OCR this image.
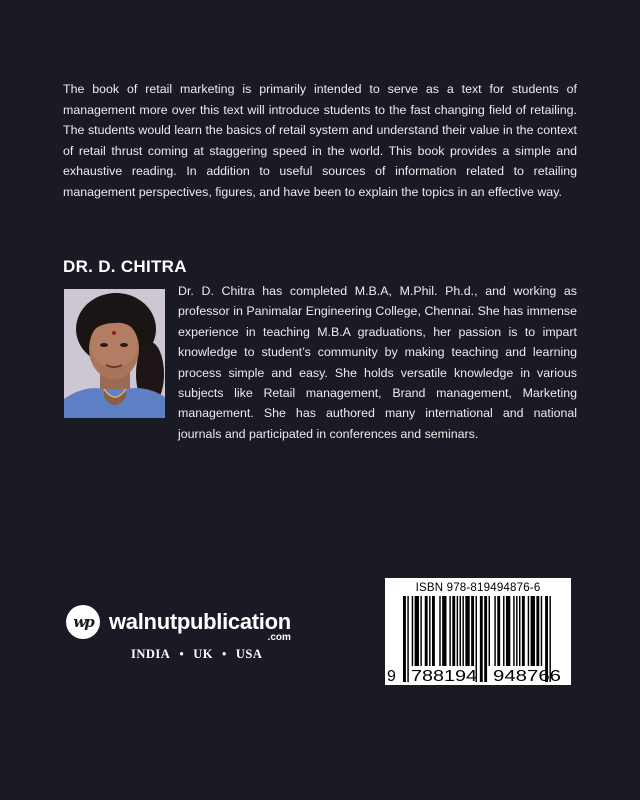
The book of retail marketing is primarily intended to serve as a text for students of management more over this text will introduce students to the fast changing field of retailing. The students would learn the basics of retail system and understand their value in the context of retail thrust coming at staggering speed in the world. This book provides a simple and exhaustive reading. In addition to useful sources of information related to retailing management perspectives, figures, and have been to explain the topics in an effective way.

DR. D. CHITRA

Dr. D. Chitra has completed M.B.A, M.Phil. Ph.d., and working as professor in Panimalar Engineering College, Chennai. She has immense experience in teaching M.B.A graduations, her passion is to impart knowledge to student’s community by making teaching and learning process simple and easy. She holds versatile knowledge in various subjects like Retail management, Brand management, Marketing management. She has authored many international and national journals and participated in conferences and seminars.

wp walnutpublication
.com
INDIA • UK • USA
ISBN 978-819494876-6
9 788194 948766
